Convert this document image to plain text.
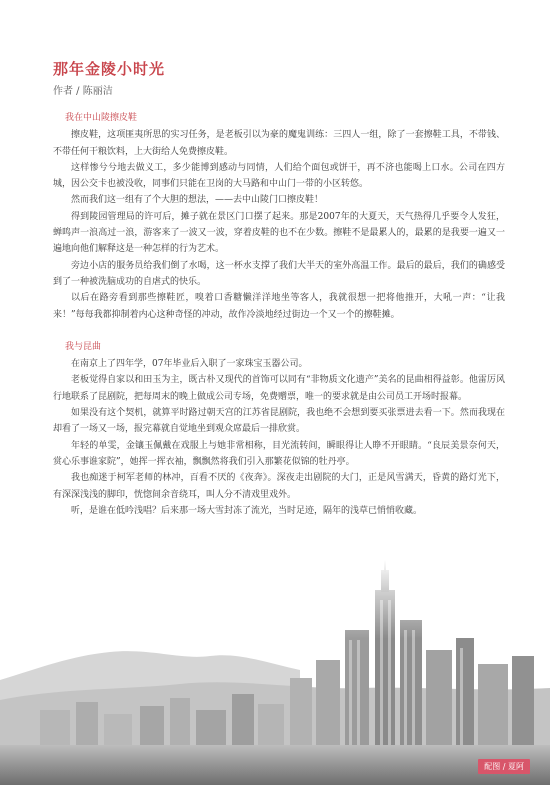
那年金陵小时光
作者 / 陈丽洁
我在中山陵擦皮鞋

擦皮鞋，这项匪夷所思的实习任务，是老板引以为豪的魔鬼训练：三四人一组，除了一套擦鞋工具，不带钱、不带任何干粮饮料，上大街给人免费擦皮鞋。

这样惨兮兮地去做义工，多少能博到感动与同情，人们给个面包或饼干，再不济也能喝上口水。公司在四方城，因公交卡也被没收，同事们只能在卫岗的大马路和中山门一带的小区转悠。

然而我们这一组有了个大胆的想法，——去中山陵门口擦皮鞋！

得到陵园管理局的许可后，摊子就在景区门口摆了起来。那是2007年的大夏天，天气热得几乎要令人发狂，蝉鸣声一浪高过一浪，游客来了一波又一波，穿着皮鞋的也不在少数。擦鞋不是最累人的，最累的是我要一遍又一遍地向他们解释这是一种怎样的行为艺术。

旁边小店的服务员给我们倒了水喝，这一杯水支撑了我们大半天的室外高温工作。最后的最后，我们的确感受到了一种被洗脑成功的自虐式的快乐。

以后在路旁看到那些擦鞋匠，嗅着口香糖懒洋洋地坐等客人，我就很想一把将他推开，大吼一声：“让我来！”每每我都抑制着内心这种奇怪的冲动，故作冷淡地经过街边一个又一个的擦鞋摊。

我与昆曲

在南京上了四年学，07年毕业后入职了一家珠宝玉器公司。

老板觉得自家以和田玉为主，既古朴又现代的首饰可以同有“非物质文化遗产”美名的昆曲相得益彰。他雷厉风行地联系了昆剧院，把每周末的晚上做成公司专场，免费赠票，唯一的要求就是由公司员工开场时报幕。

如果没有这个契机，就算平时路过朝天宫的江苏省昆剧院，我也绝不会想到要买张票进去看一下。然而我现在却看了一场又一场，报完幕就自觉地坐到观众席最后一排欣赏。

年轻的单雯，金镶玉佩戴在戏服上与她非常相称，目光流转间，瞬眼得让人睁不开眼睛。“良辰美景奈何天，赏心乐事谁家院”，她挥一挥衣袖，飘飘然将我们引入那繁花似锦的牡丹亭。

我也痴迷于柯军老师的林冲，百看不厌的《夜奔》。深夜走出剧院的大门，正是风雪满天，昏黄的路灯光下，有深深浅浅的脚印，恍惚间余音绕耳，叫人分不清戏里戏外。

听，是谁在低吟浅唱？后来那一场大雪封冻了流光，当时足迹，隔年的浅草已悄悄收藏。

配图 / 夏阿
